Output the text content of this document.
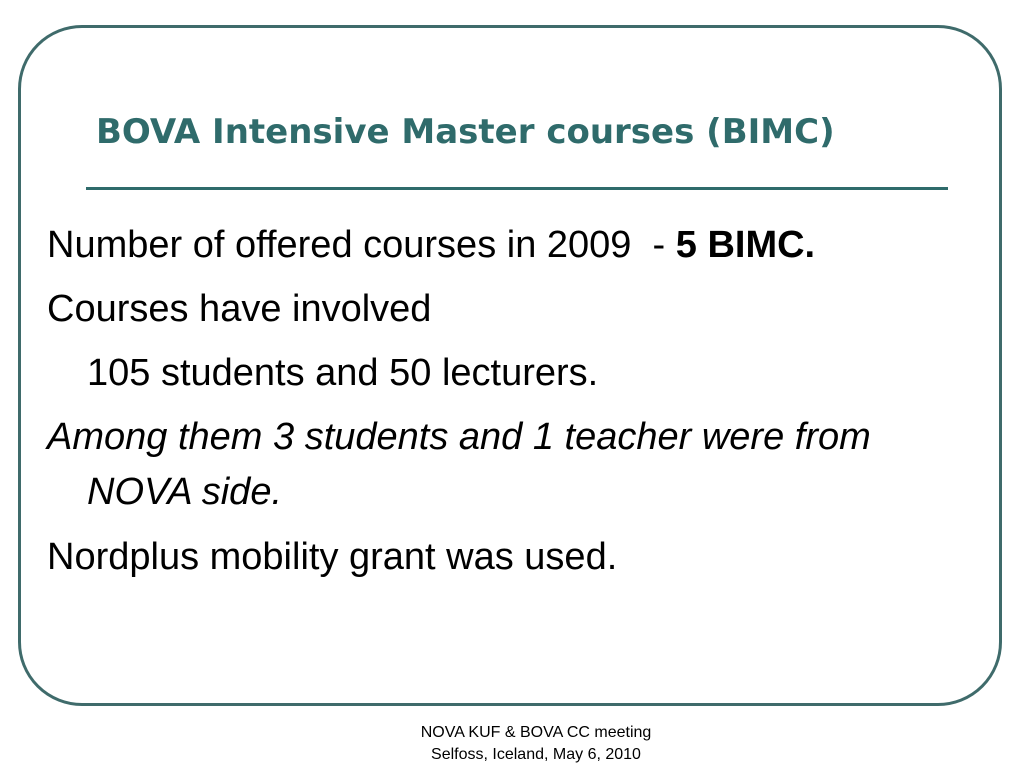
BOVA Intensive Master courses (BIMC)

Number of offered courses in 2009  - 5 BIMC.

Courses have involved

105 students and 50 lecturers.

Among them 3 students and 1 teacher were from NOVA side.

Nordplus mobility grant was used.

NOVA KUF & BOVA CC meeting
Selfoss, Iceland, May 6, 2010
